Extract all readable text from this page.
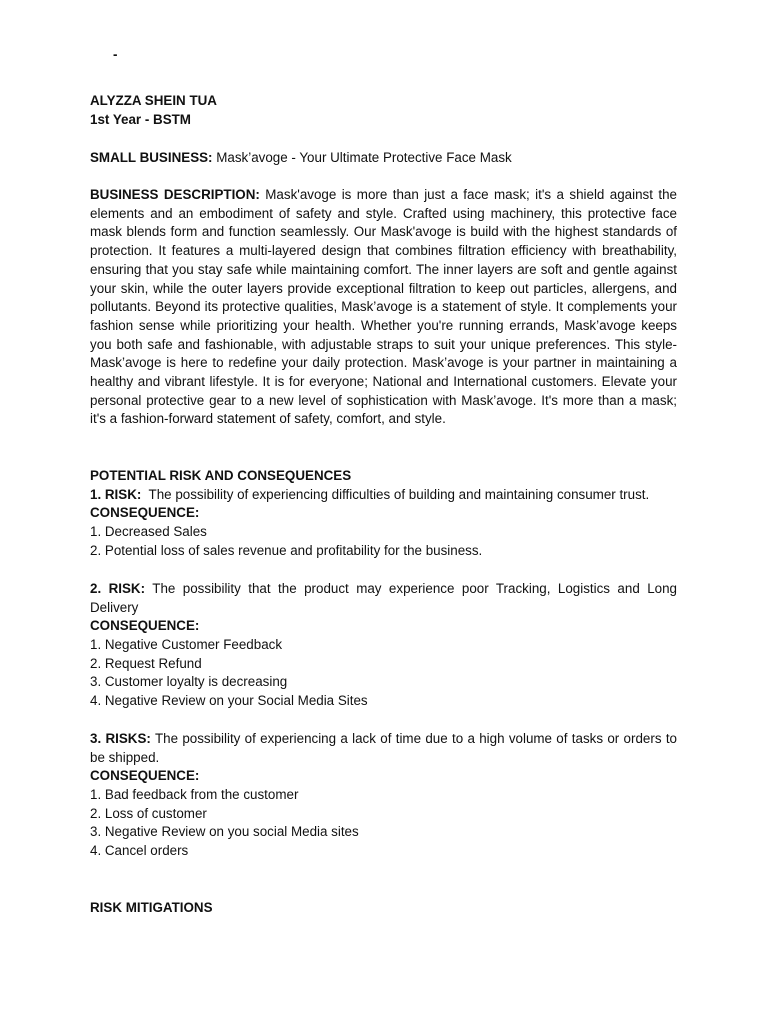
-
ALYZZA SHEIN TUA
1st Year - BSTM
SMALL BUSINESS: Mask’avoge - Your Ultimate Protective Face Mask
BUSINESS DESCRIPTION: Mask'avoge is more than just a face mask; it's a shield against the elements and an embodiment of safety and style. Crafted using machinery, this protective face mask blends form and function seamlessly. Our Mask'avoge is build with the highest standards of protection. It features a multi-layered design that combines filtration efficiency with breathability, ensuring that you stay safe while maintaining comfort. The inner layers are soft and gentle against your skin, while the outer layers provide exceptional filtration to keep out particles, allergens, and pollutants. Beyond its protective qualities, Mask’avoge is a statement of style. It complements your fashion sense while prioritizing your health. Whether you're running errands, Mask’avoge keeps you both safe and fashionable, with adjustable straps to suit your unique preferences. This style-Mask’avoge is here to redefine your daily protection. Mask’avoge is your partner in maintaining a healthy and vibrant lifestyle. It is for everyone; National and International customers. Elevate your personal protective gear to a new level of sophistication with Mask’avoge. It's more than a mask; it's a fashion-forward statement of safety, comfort, and style.
POTENTIAL RISK AND CONSEQUENCES
1. RISK:  The possibility of experiencing difficulties of building and maintaining consumer trust.
CONSEQUENCE:
1. Decreased Sales
2. Potential loss of sales revenue and profitability for the business.
2. RISK: The possibility that the product may experience poor Tracking, Logistics and Long Delivery
CONSEQUENCE:
1. Negative Customer Feedback
2. Request Refund
3. Customer loyalty is decreasing
4. Negative Review on your Social Media Sites
3. RISKS: The possibility of experiencing a lack of time due to a high volume of tasks or orders to be shipped.
CONSEQUENCE:
1. Bad feedback from the customer
2. Loss of customer
3. Negative Review on you social Media sites
4. Cancel orders
RISK MITIGATIONS
